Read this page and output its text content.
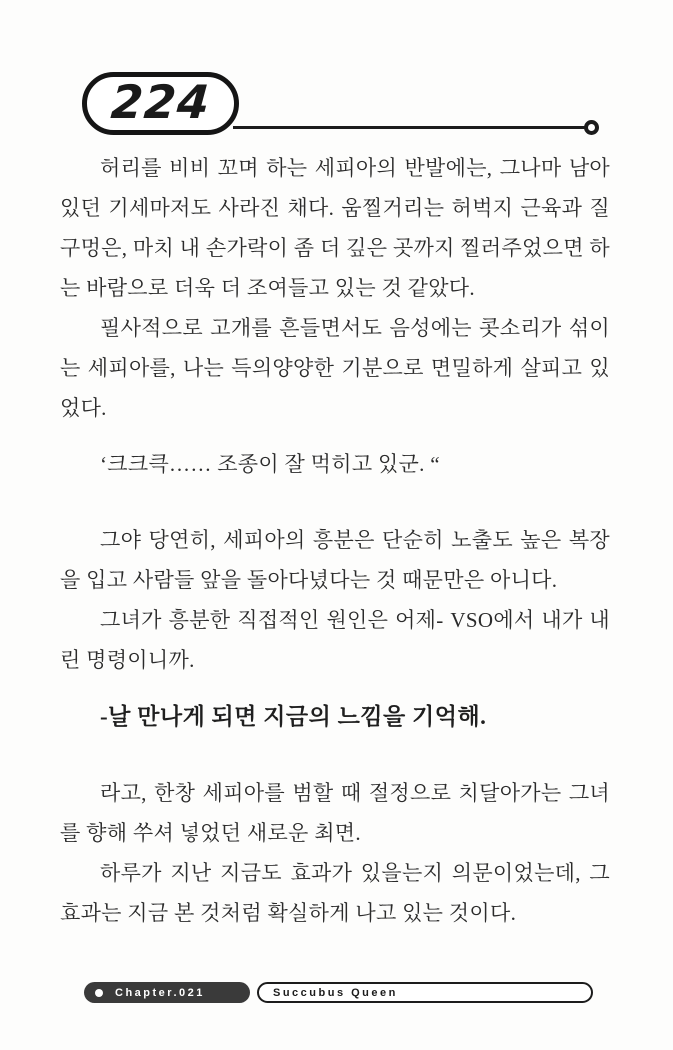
224

허리를 비비 꼬며 하는 세피아의 반발에는, 그나마 남아 있던 기세마저도 사라진 채다. 움찔거리는 허벅지 근육과 질 구멍은, 마치 내 손가락이 좀 더 깊은 곳까지 찔러주었으면 하는 바람으로 더욱 더 조여들고 있는 것 같았다.

필사적으로 고개를 흔들면서도 음성에는 콧소리가 섞이는 세피아를, 나는 득의양양한 기분으로 면밀하게 살피고 있었다.

‘크크큭…… 조종이 잘 먹히고 있군. “

그야 당연히, 세피아의 흥분은 단순히 노출도 높은 복장을 입고 사람들 앞을 돌아다녔다는 것 때문만은 아니다.

그녀가 흥분한 직접적인 원인은 어제- VSO에서 내가 내린 명령이니까.

-날 만나게 되면 지금의 느낌을 기억해.

라고, 한창 세피아를 범할 때 절정으로 치달아가는 그녀를 향해 쑤셔 넣었던 새로운 최면.

하루가 지난 지금도 효과가 있을는지 의문이었는데, 그 효과는 지금 본 것처럼 확실하게 나고 있는 것이다.

Chapter.021	Succubus Queen
